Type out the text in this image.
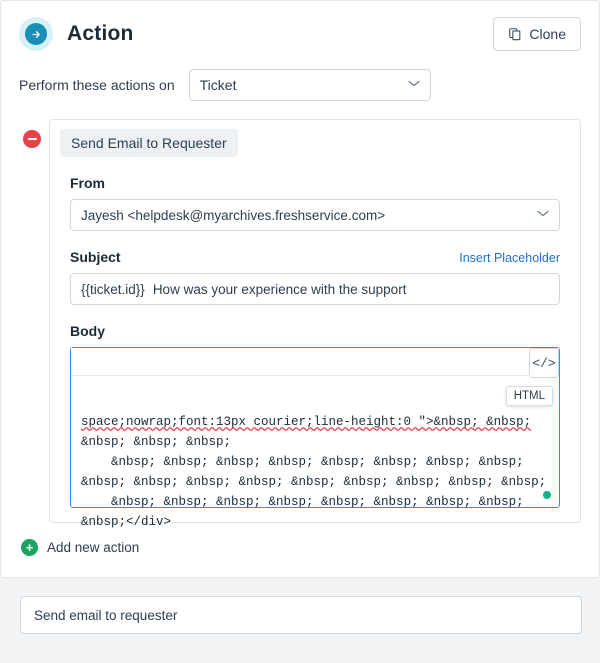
Action	Clone
Perform these actions on Ticket
Send Email to Requester
From
Jayesh <helpdesk@myarchives.freshservice.com>
Subject	Insert Placeholder
{{ticket.id}} How was your experience with the support
Body
</>
HTML

space;nowrap;font:13px courier;line-height:0 ">&nbsp; &nbsp;
&nbsp; &nbsp; &nbsp;
&nbsp; &nbsp; &nbsp; &nbsp; &nbsp; &nbsp; &nbsp; &nbsp;
&nbsp; &nbsp; &nbsp; &nbsp; &nbsp; &nbsp; &nbsp; &nbsp; &nbsp;
&nbsp; &nbsp; &nbsp; &nbsp; &nbsp; &nbsp; &nbsp; &nbsp;
&nbsp;</div>

+	Add new action
Send email to requester
